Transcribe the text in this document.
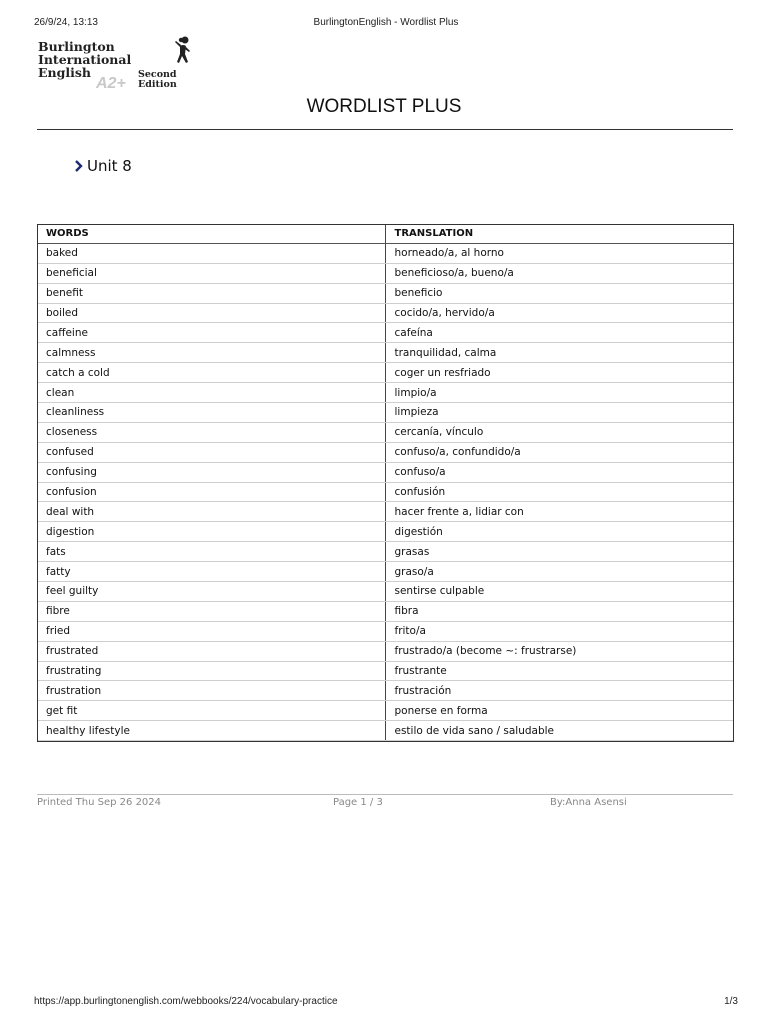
26/9/24, 13:13	BurlingtonEnglish - Wordlist Plus
Burlington
International
English
A2+
Second
Edition
WORDLIST PLUS
Unit 8
WORDS	TRANSLATION
baked	horneado/a, al horno
beneficial	beneficioso/a, bueno/a
benefit	beneficio
boiled	cocido/a, hervido/a
caffeine	cafeína
calmness	tranquilidad, calma
catch a cold	coger un resfriado
clean	limpio/a
cleanliness	limpieza
closeness	cercanía, vínculo
confused	confuso/a, confundido/a
confusing	confuso/a
confusion	confusión
deal with	hacer frente a, lidiar con
digestion	digestión
fats	grasas
fatty	graso/a
feel guilty	sentirse culpable
fibre	fibra
fried	frito/a
frustrated	frustrado/a (become ~: frustrarse)
frustrating	frustrante
frustration	frustración
get fit	ponerse en forma
healthy lifestyle	estilo de vida sano / saludable
Printed Thu Sep 26 2024	Page 1 / 3	By:Anna Asensi
https://app.burlingtonenglish.com/webbooks/224/vocabulary-practice	1/3
